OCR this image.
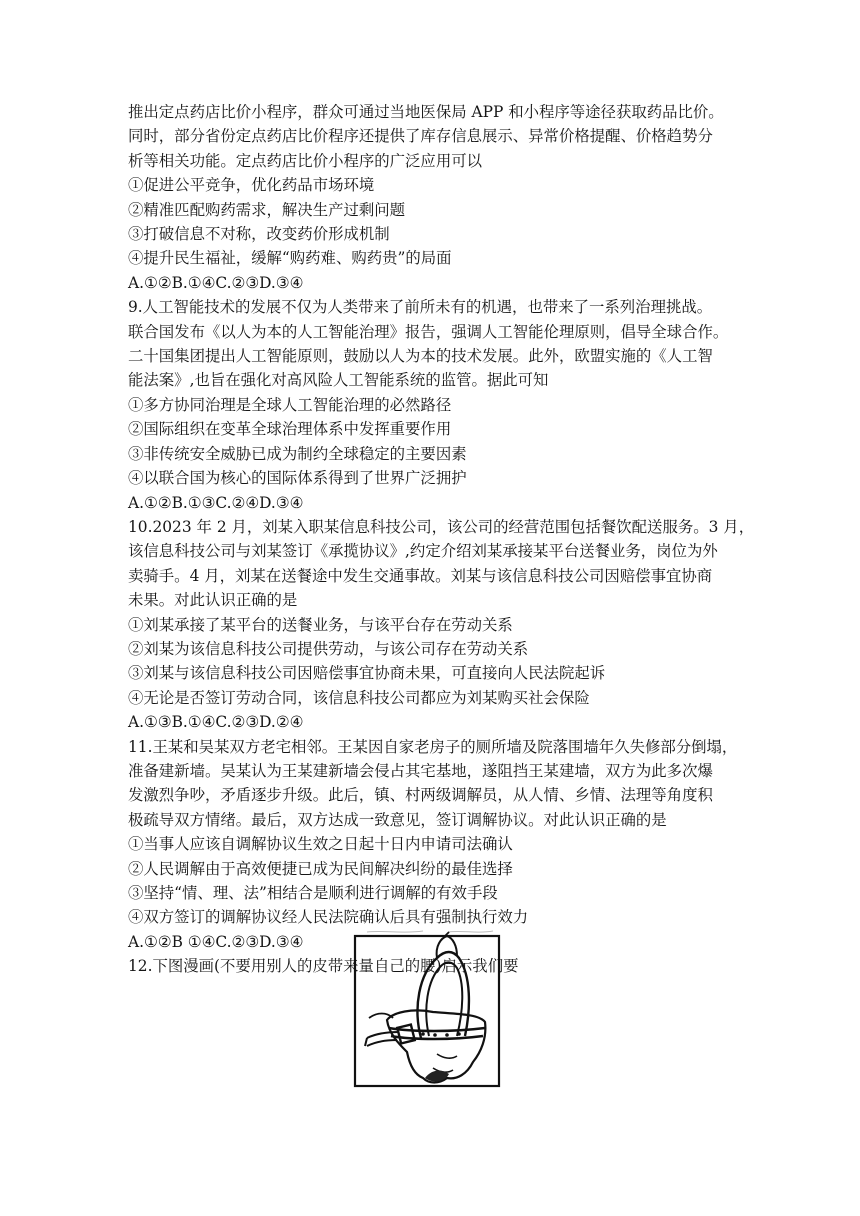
推出定点药店比价小程序，群众可通过当地医保局 APP 和小程序等途径获取药品比价。

同时，部分省份定点药店比价程序还提供了库存信息展示、异常价格提醒、价格趋势分

析等相关功能。定点药店比价小程序的广泛应用可以

①促进公平竞争，优化药品市场环境

②精准匹配购药需求，解决生产过剩问题

③打破信息不对称，改变药价形成机制

④提升民生福祉，缓解“购药难、购药贵”的局面

A.①②B.①④C.②③D.③④

9.人工智能技术的发展不仅为人类带来了前所未有的机遇，也带来了一系列治理挑战。

联合国发布《以人为本的人工智能治理》报告，强调人工智能伦理原则，倡导全球合作。

二十国集团提出人工智能原则，鼓励以人为本的技术发展。此外，欧盟实施的《人工智

能法案》,也旨在强化对高风险人工智能系统的监管。据此可知

①多方协同治理是全球人工智能治理的必然路径

②国际组织在变革全球治理体系中发挥重要作用

③非传统安全威胁已成为制约全球稳定的主要因素

④以联合国为核心的国际体系得到了世界广泛拥护

A.①②B.①③C.②④D.③④

10.2023 年 2 月，刘某入职某信息科技公司，该公司的经营范围包括餐饮配送服务。3 月，

该信息科技公司与刘某签订《承揽协议》,约定介绍刘某承接某平台送餐业务，岗位为外

卖骑手。4 月，刘某在送餐途中发生交通事故。刘某与该信息科技公司因赔偿事宜协商

未果。对此认识正确的是

①刘某承接了某平台的送餐业务，与该平台存在劳动关系

②刘某为该信息科技公司提供劳动，与该公司存在劳动关系

③刘某与该信息科技公司因赔偿事宜协商未果，可直接向人民法院起诉

④无论是否签订劳动合同，该信息科技公司都应为刘某购买社会保险

A.①③B.①④C.②③D.②④

11.王某和吴某双方老宅相邻。王某因自家老房子的厕所墙及院落围墙年久失修部分倒塌，

准备建新墙。吴某认为王某建新墙会侵占其宅基地，遂阻挡王某建墙，双方为此多次爆

发激烈争吵，矛盾逐步升级。此后，镇、村两级调解员，从人情、乡情、法理等角度积

极疏导双方情绪。最后，双方达成一致意见，签订调解协议。对此认识正确的是

①当事人应该自调解协议生效之日起十日内申请司法确认

②人民调解由于高效便捷已成为民间解决纠纷的最佳选择

③坚持“情、理、法”相结合是顺利进行调解的有效手段

④双方签订的调解协议经人民法院确认后具有强制执行效力

A.①②B ①④C.②③D.③④

12.下图漫画(不要用别人的皮带来量自己的腰)启示我们要
